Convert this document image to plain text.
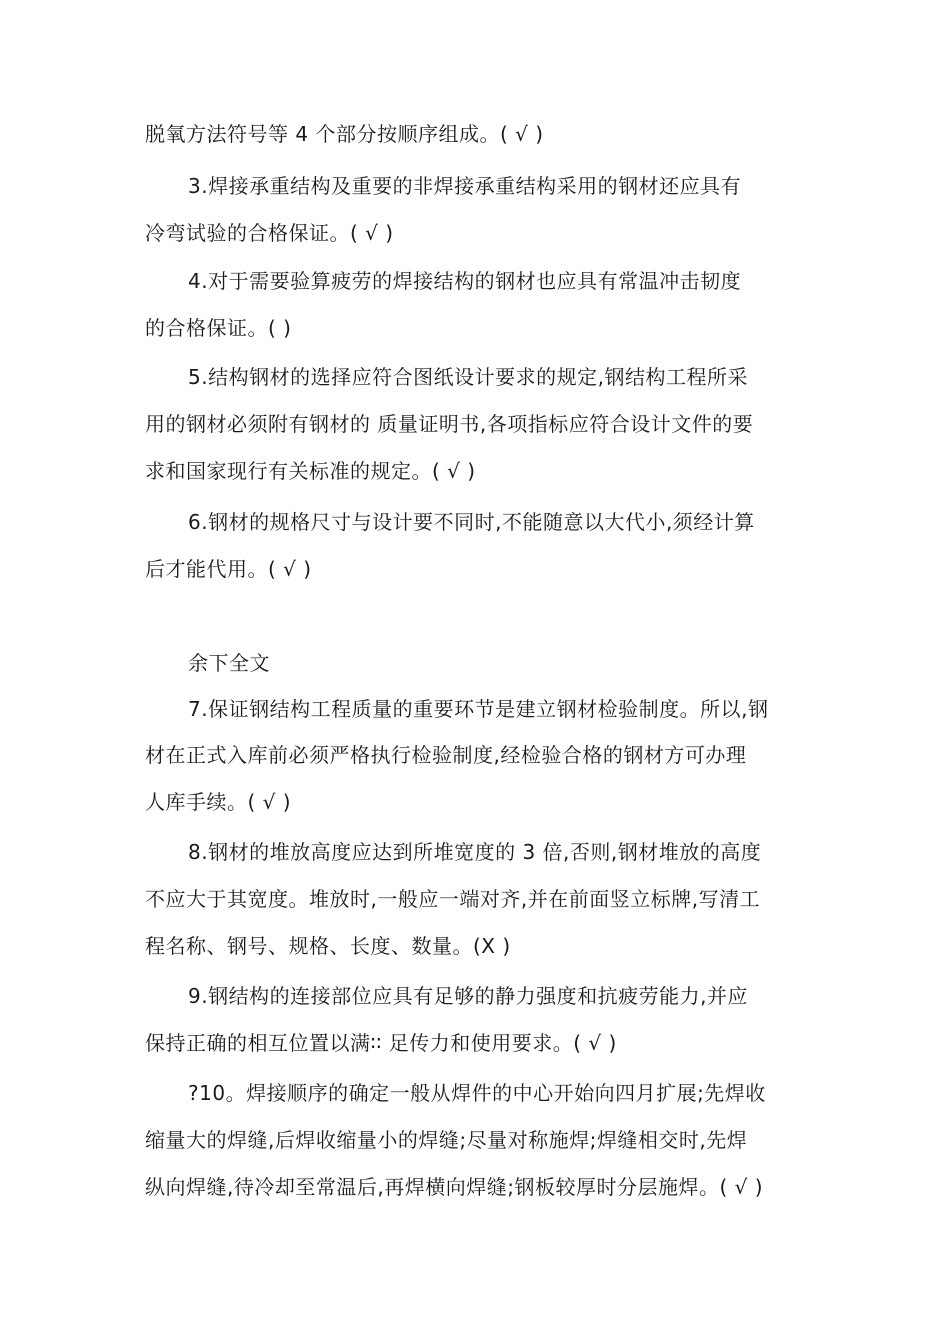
脱氧方法符号等 4 个部分按顺序组成。( √ )
3.焊接承重结构及重要的非焊接承重结构采用的钢材还应具有
冷弯试验的合格保证。( √ )
4.对于需要验算疲劳的焊接结构的钢材也应具有常温冲击韧度
的合格保证。( )
5.结构钢材的选择应符合图纸设计要求的规定,钢结构工程所采
用的钢材必须附有钢材的 质量证明书,各项指标应符合设计文件的要
求和国家现行有关标准的规定。( √ )
6.钢材的规格尺寸与设计要不同时,不能随意以大代小,须经计算
后才能代用。( √ )
余下全文
7.保证钢结构工程质量的重要环节是建立钢材检验制度。所以,钢
材在正式入库前必须严格执行检验制度,经检验合格的钢材方可办理
人库手续。( √ )
8.钢材的堆放高度应达到所堆宽度的 3 倍,否则,钢材堆放的高度
不应大于其宽度。堆放时,一般应一端对齐,并在前面竖立标牌,写清工
程名称、钢号、规格、长度、数量。(X )
9.钢结构的连接部位应具有足够的静力强度和抗疲劳能力,并应
保持正确的相互位置以满∶∶ 足传力和使用要求。( √ )
?10。焊接顺序的确定一般从焊件的中心开始向四月扩展;先焊收
缩量大的焊缝,后焊收缩量小的焊缝;尽量对称施焊;焊缝相交时,先焊
纵向焊缝,待冷却至常温后,再焊横向焊缝;钢板较厚时分层施焊。( √ )
